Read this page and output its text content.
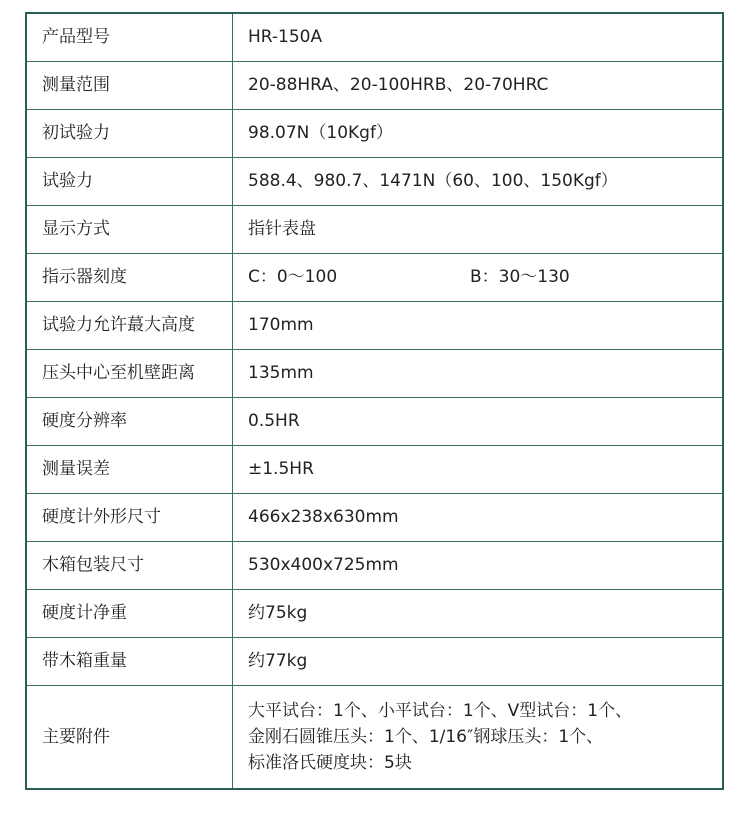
产品型号	HR-150A
测量范围	20-88HRA、20-100HRB、20-70HRC
初试验力	98.07N（10Kgf）
试验力	588.4、980.7、1471N（60、100、150Kgf）
显示方式	指针表盘
指示器刻度	C：0～100 B：30～130
试验力允许蕞大高度	170mm
压头中心至机壁距离	135mm
硬度分辨率	0.5HR
测量误差	±1.5HR
硬度计外形尺寸	466x238x630mm
木箱包装尺寸	530x400x725mm
硬度计净重	约75kg
带木箱重量	约77kg
主要附件	大平试台：1个、小平试台：1个、V型试台：1个、
金刚石圆锥压头：1个、1/16″钢球压头：1个、
标准洛氏硬度块：5块
